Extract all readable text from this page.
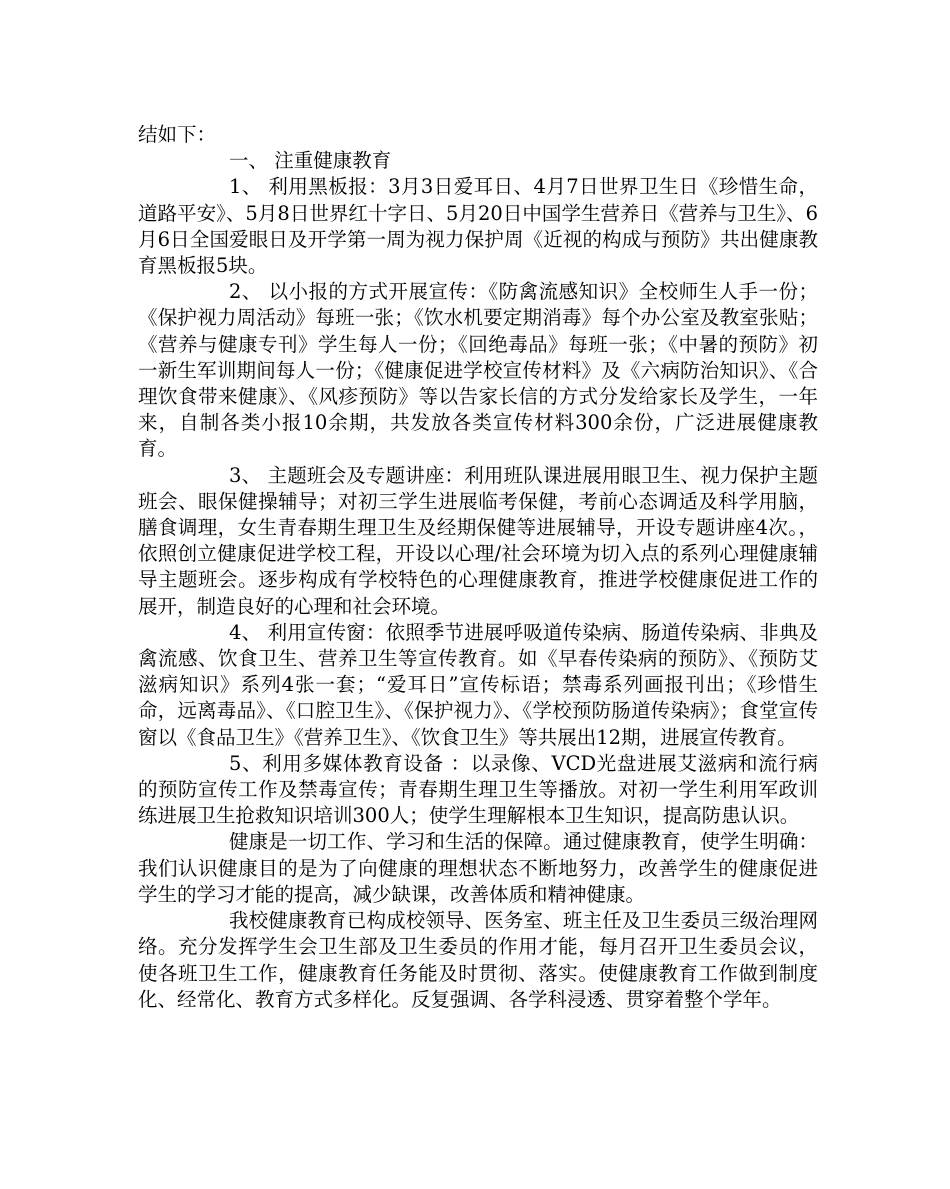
结如下：

一、 注重健康教育

1、 利用黑板报：3月3日爱耳日、4月7日世界卫生日《珍惜生命，道路平安》、5月8日世界红十字日、5月20日中国学生营养日《营养与卫生》、6月6日全国爱眼日及开学第一周为视力保护周《近视的构成与预防》共出健康教育黑板报5块。

2、 以小报的方式开展宣传：《防禽流感知识》全校师生人手一份；《保护视力周活动》每班一张；《饮水机要定期消毒》每个办公室及教室张贴；《营养与健康专刊》学生每人一份；《回绝毒品》每班一张；《中暑的预防》初一新生军训期间每人一份；《健康促进学校宣传材料》及《六病防治知识》、《合理饮食带来健康》、《风疹预防》等以告家长信的方式分发给家长及学生，一年来，自制各类小报10余期，共发放各类宣传材料300余份，广泛进展健康教育。

3、 主题班会及专题讲座：利用班队课进展用眼卫生、视力保护主题班会、眼保健操辅导；对初三学生进展临考保健，考前心态调适及科学用脑，膳食调理，女生青春期生理卫生及经期保健等进展辅导，开设专题讲座4次。，依照创立健康促进学校工程，开设以心理/社会环境为切入点的系列心理健康辅导主题班会。逐步构成有学校特色的心理健康教育，推进学校健康促进工作的展开，制造良好的心理和社会环境。

4、 利用宣传窗：依照季节进展呼吸道传染病、肠道传染病、非典及禽流感、饮食卫生、营养卫生等宣传教育。如《早春传染病的预防》、《预防艾滋病知识》系列4张一套；“爱耳日”宣传标语；禁毒系列画报刊出；《珍惜生命，远离毒品》、《口腔卫生》、《保护视力》、《学校预防肠道传染病》；食堂宣传窗以《食品卫生》《营养卫生》、《饮食卫生》等共展出12期，进展宣传教育。

5、利用多媒体教育设备 ：以录像、VCD光盘进展艾滋病和流行病的预防宣传工作及禁毒宣传；青春期生理卫生等播放。对初一学生利用军政训练进展卫生抢救知识培训300人；使学生理解根本卫生知识，提高防患认识。

健康是一切工作、学习和生活的保障。通过健康教育，使学生明确：我们认识健康目的是为了向健康的理想状态不断地努力，改善学生的健康促进学生的学习才能的提高，减少缺课，改善体质和精神健康。

我校健康教育已构成校领导、医务室、班主任及卫生委员三级治理网络。充分发挥学生会卫生部及卫生委员的作用才能，每月召开卫生委员会议，使各班卫生工作，健康教育任务能及时贯彻、落实。使健康教育工作做到制度化、经常化、教育方式多样化。反复强调、各学科浸透、贯穿着整个学年。
